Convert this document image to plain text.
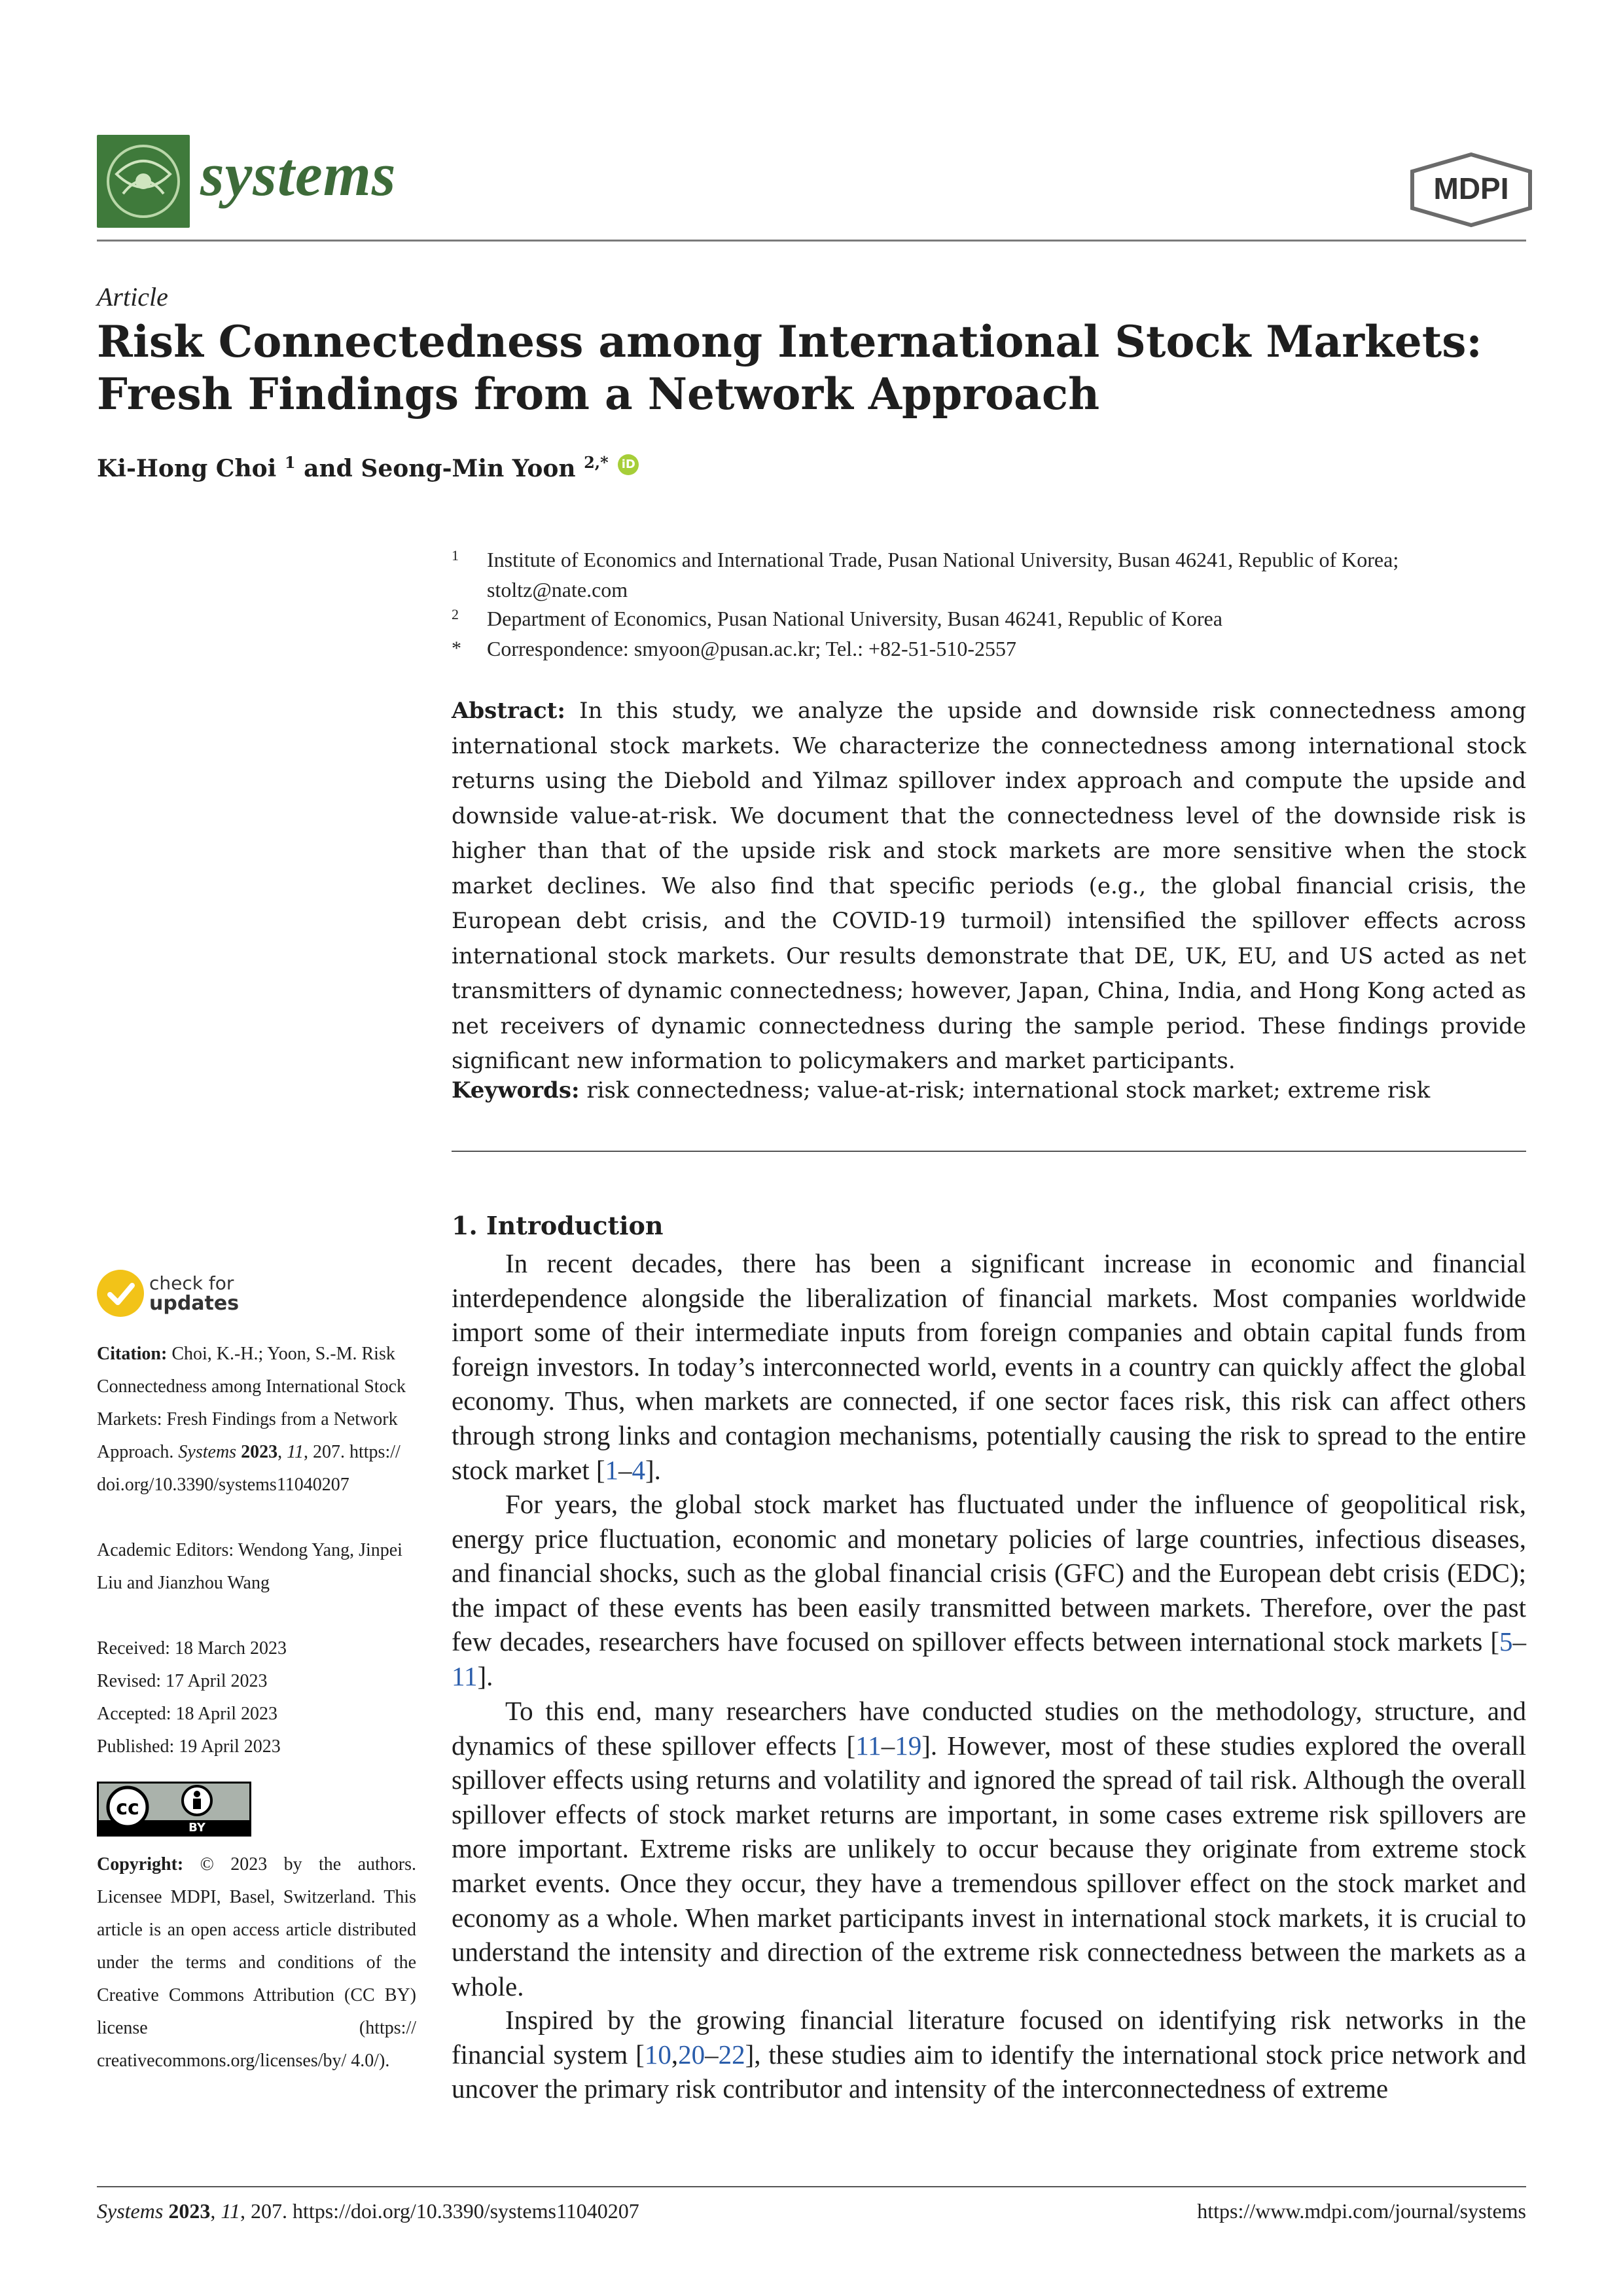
systems	MDPI
Article
Risk Connectedness among International Stock Markets: Fresh Findings from a Network Approach
Ki-Hong Choi $^1$ and Seong-Min Yoon $^{2,*}$ iD
1	Institute of Economics and International Trade, Pusan National University, Busan 46241, Republic of Korea; stoltz@nate.com
2	Department of Economics, Pusan National University, Busan 46241, Republic of Korea
*	Correspondence: smyoon@pusan.ac.kr; Tel.: +82-51-510-2557
Abstract: In this study, we analyze the upside and downside risk connectedness among international stock markets. We characterize the connectedness among international stock returns using the Diebold and Yilmaz spillover index approach and compute the upside and downside value-at-risk. We document that the connectedness level of the downside risk is higher than that of the upside risk and stock markets are more sensitive when the stock market declines. We also find that specific periods (e.g., the global financial crisis, the European debt crisis, and the COVID-19 turmoil) intensified the spillover effects across international stock markets. Our results demonstrate that DE, UK, EU, and US acted as net transmitters of dynamic connectedness; however, Japan, China, India, and Hong Kong acted as net receivers of dynamic connectedness during the sample period. These findings provide significant new information to policymakers and market participants.
Keywords: risk connectedness; value-at-risk; international stock market; extreme risk
1. Introduction
In recent decades, there has been a significant increase in economic and financial interdependence alongside the liberalization of financial markets. Most companies worldwide import some of their intermediate inputs from foreign companies and obtain capital funds from foreign investors. In today’s interconnected world, events in a country can quickly affect the global economy. Thus, when markets are connected, if one sector faces risk, this risk can affect others through strong links and contagion mechanisms, potentially causing the risk to spread to the entire stock market [1–4].
For years, the global stock market has fluctuated under the influence of geopolitical risk, energy price fluctuation, economic and monetary policies of large countries, infectious diseases, and financial shocks, such as the global financial crisis (GFC) and the European debt crisis (EDC); the impact of these events has been easily transmitted between markets. Therefore, over the past few decades, researchers have focused on spillover effects between international stock markets [5–11].
To this end, many researchers have conducted studies on the methodology, structure, and dynamics of these spillover effects [11–19]. However, most of these studies explored the overall spillover effects using returns and volatility and ignored the spread of tail risk. Although the overall spillover effects of stock market returns are important, in some cases extreme risk spillovers are more important. Extreme risks are unlikely to occur because they originate from extreme stock market events. Once they occur, they have a tremendous spillover effect on the stock market and economy as a whole. When market participants invest in international stock markets, it is crucial to understand the intensity and direction of the extreme risk connectedness between the markets as a whole.
Inspired by the growing financial literature focused on identifying risk networks in the financial system [10,20–22], these studies aim to identify the international stock price network and uncover the primary risk contributor and intensity of the interconnectedness of extreme
check for
updates
Citation: Choi, K.-H.; Yoon, S.-M. Risk Connectedness among International Stock Markets: Fresh Findings from a Network Approach. Systems 2023, 11, 207. https:// doi.org/10.3390/systems11040207
Academic Editors: Wendong Yang, Jinpei Liu and Jianzhou Wang
Received: 18 March 2023
Revised: 17 April 2023
Accepted: 18 April 2023
Published: 19 April 2023
cc
BY
Copyright: © 2023 by the authors. Licensee MDPI, Basel, Switzerland. This article is an open access article distributed under the terms and conditions of the Creative Commons Attribution (CC BY) license (https:// creativecommons.org/licenses/by/ 4.0/).
Systems 2023, 11, 207. https://doi.org/10.3390/systems11040207	https://www.mdpi.com/journal/systems
